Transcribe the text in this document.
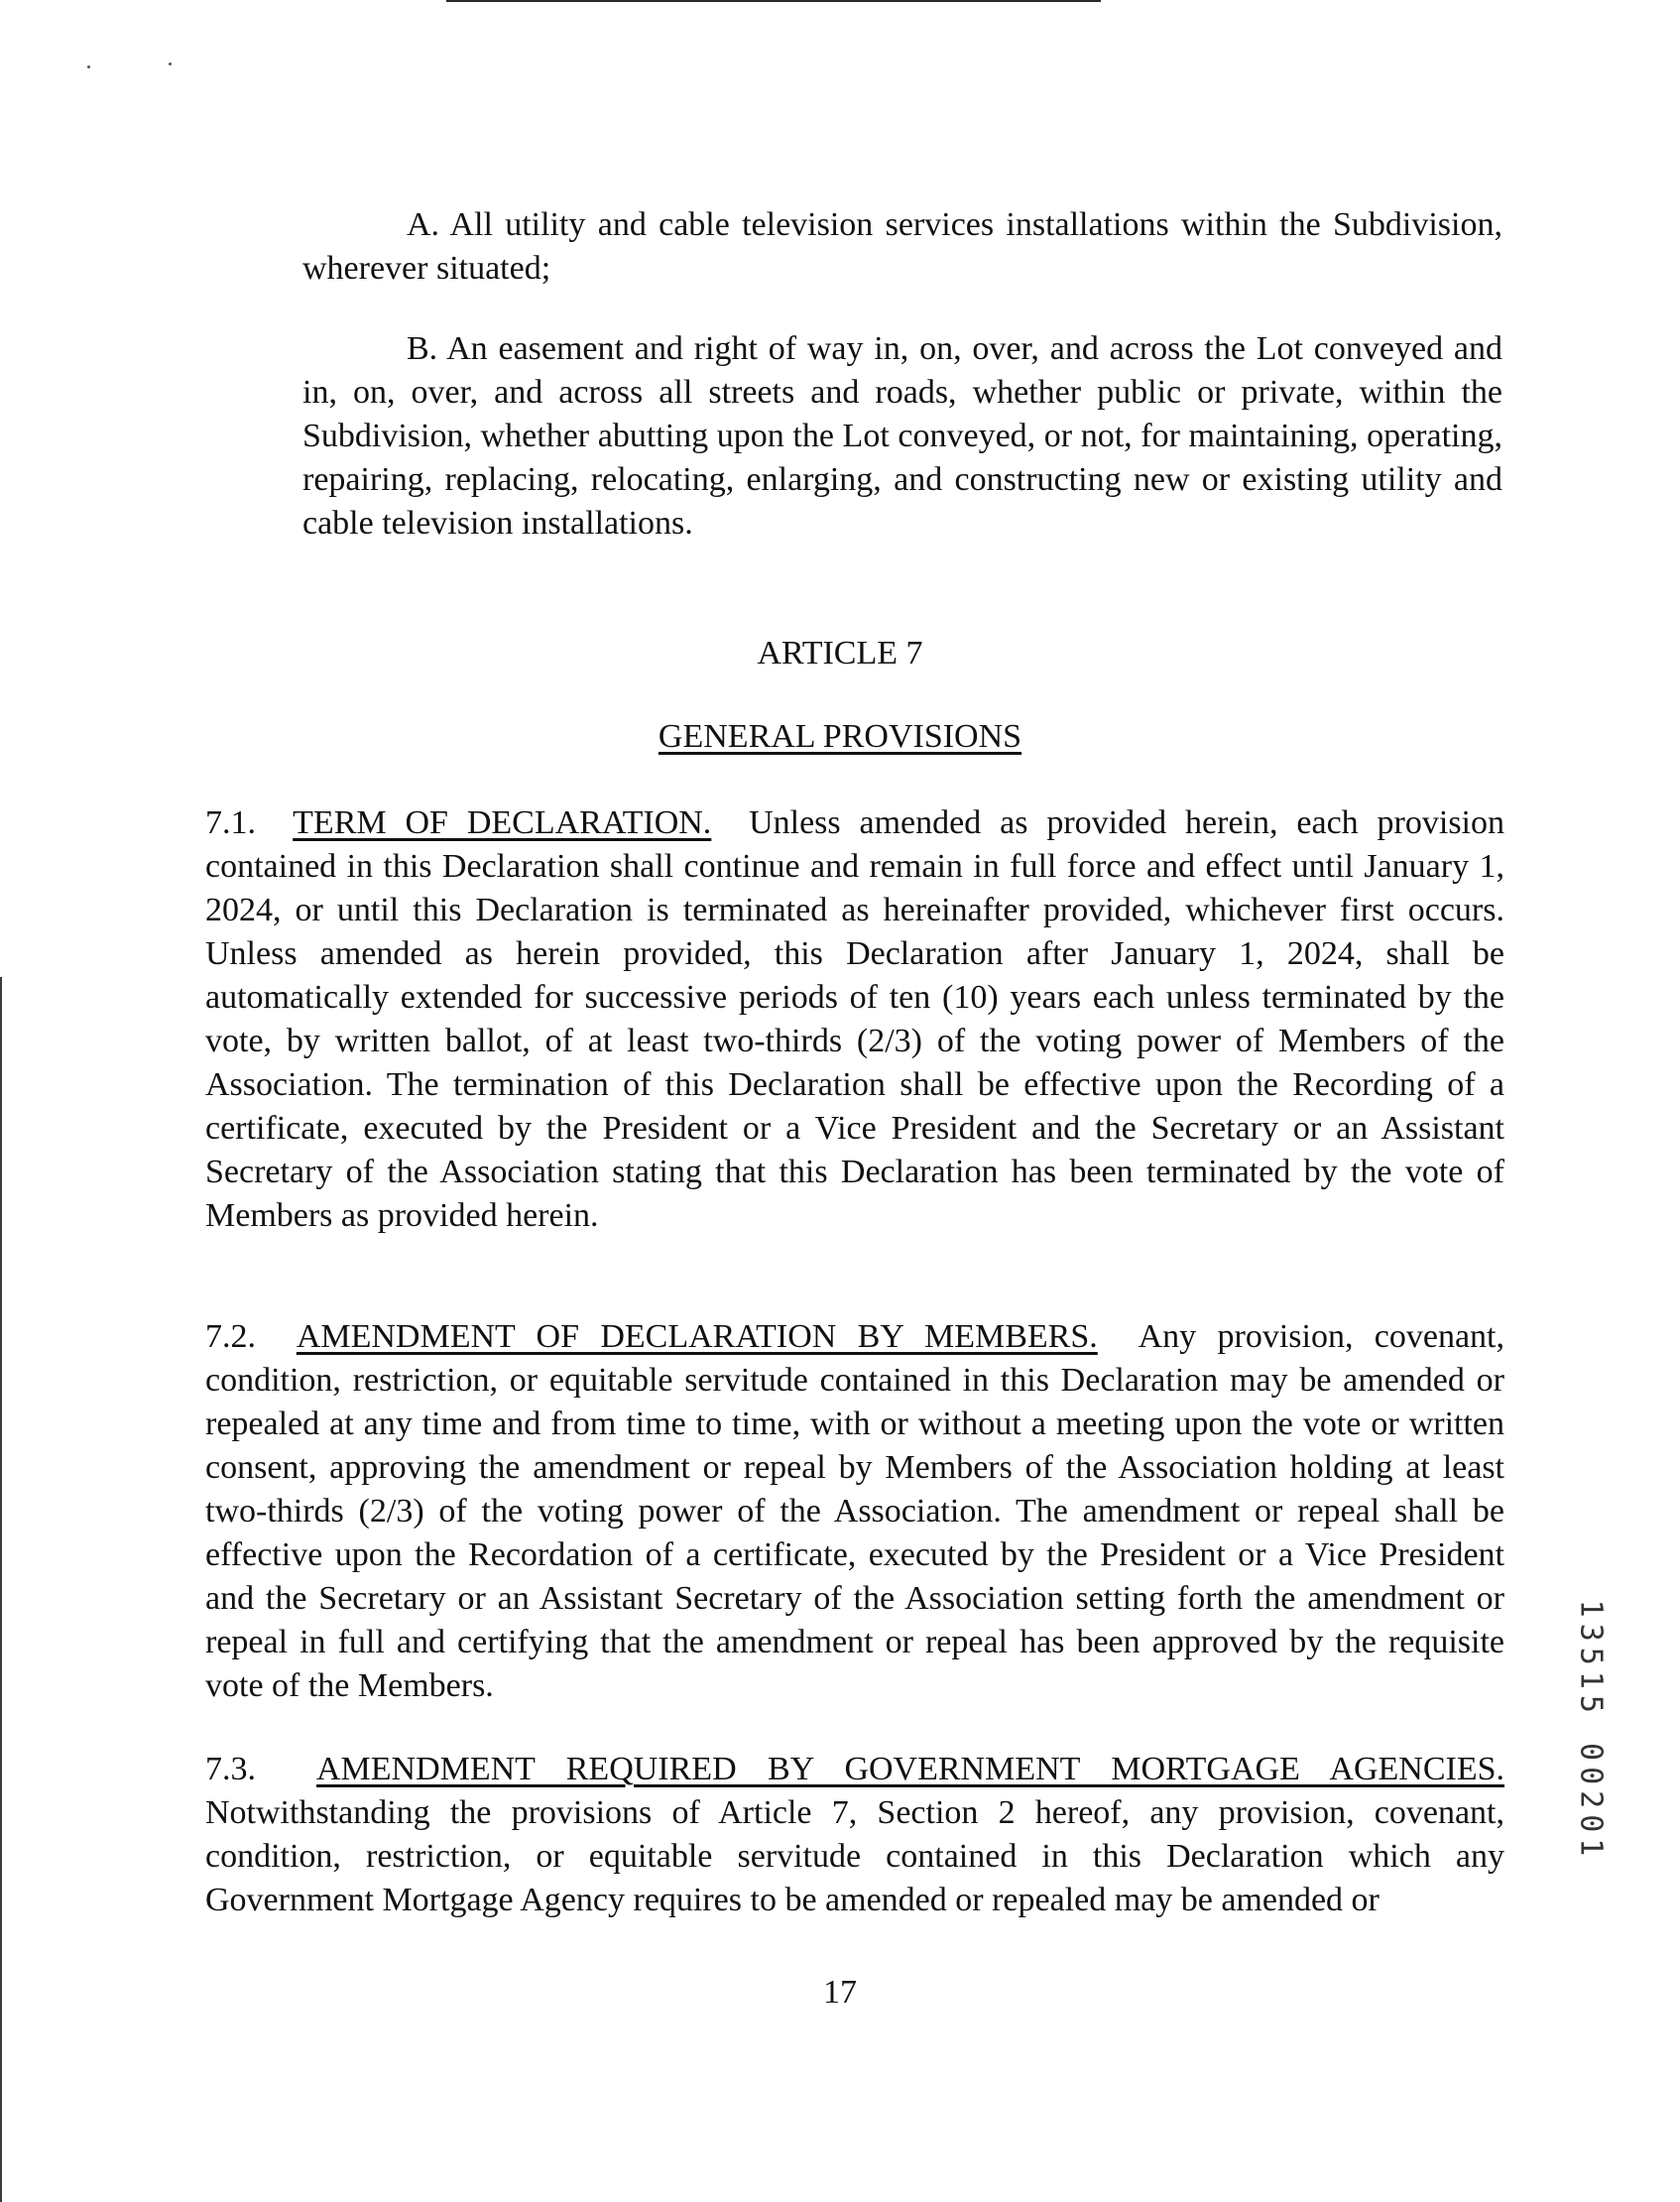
A. All utility and cable television services installations within the Subdivision, wherever situated;
B. An easement and right of way in, on, over, and across the Lot conveyed and in, on, over, and across all streets and roads, whether public or private, within the Subdivision, whether abutting upon the Lot conveyed, or not, for maintaining, operating, repairing, replacing, relocating, enlarging, and constructing new or existing utility and cable television installations.
ARTICLE 7
GENERAL PROVISIONS
7.1. TERM OF DECLARATION. Unless amended as provided herein, each provision contained in this Declaration shall continue and remain in full force and effect until January 1, 2024, or until this Declaration is terminated as hereinafter provided, whichever first occurs. Unless amended as herein provided, this Declaration after January 1, 2024, shall be automatically extended for successive periods of ten (10) years each unless terminated by the vote, by written ballot, of at least two-thirds (2/3) of the voting power of Members of the Association. The termination of this Declaration shall be effective upon the Recording of a certificate, executed by the President or a Vice President and the Secretary or an Assistant Secretary of the Association stating that this Declaration has been terminated by the vote of Members as provided herein.
7.2. AMENDMENT OF DECLARATION BY MEMBERS. Any provision, covenant, condition, restriction, or equitable servitude contained in this Declaration may be amended or repealed at any time and from time to time, with or without a meeting upon the vote or written consent, approving the amendment or repeal by Members of the Association holding at least two-thirds (2/3) of the voting power of the Association. The amendment or repeal shall be effective upon the Recordation of a certificate, executed by the President or a Vice President and the Secretary or an Assistant Secretary of the Association setting forth the amendment or repeal in full and certifying that the amendment or repeal has been approved by the requisite vote of the Members.
7.3. AMENDMENT REQUIRED BY GOVERNMENT MORTGAGE AGENCIES. Notwithstanding the provisions of Article 7, Section 2 hereof, any provision, covenant, condition, restriction, or equitable servitude contained in this Declaration which any Government Mortgage Agency requires to be amended or repealed may be amended or
17
13515 00201
